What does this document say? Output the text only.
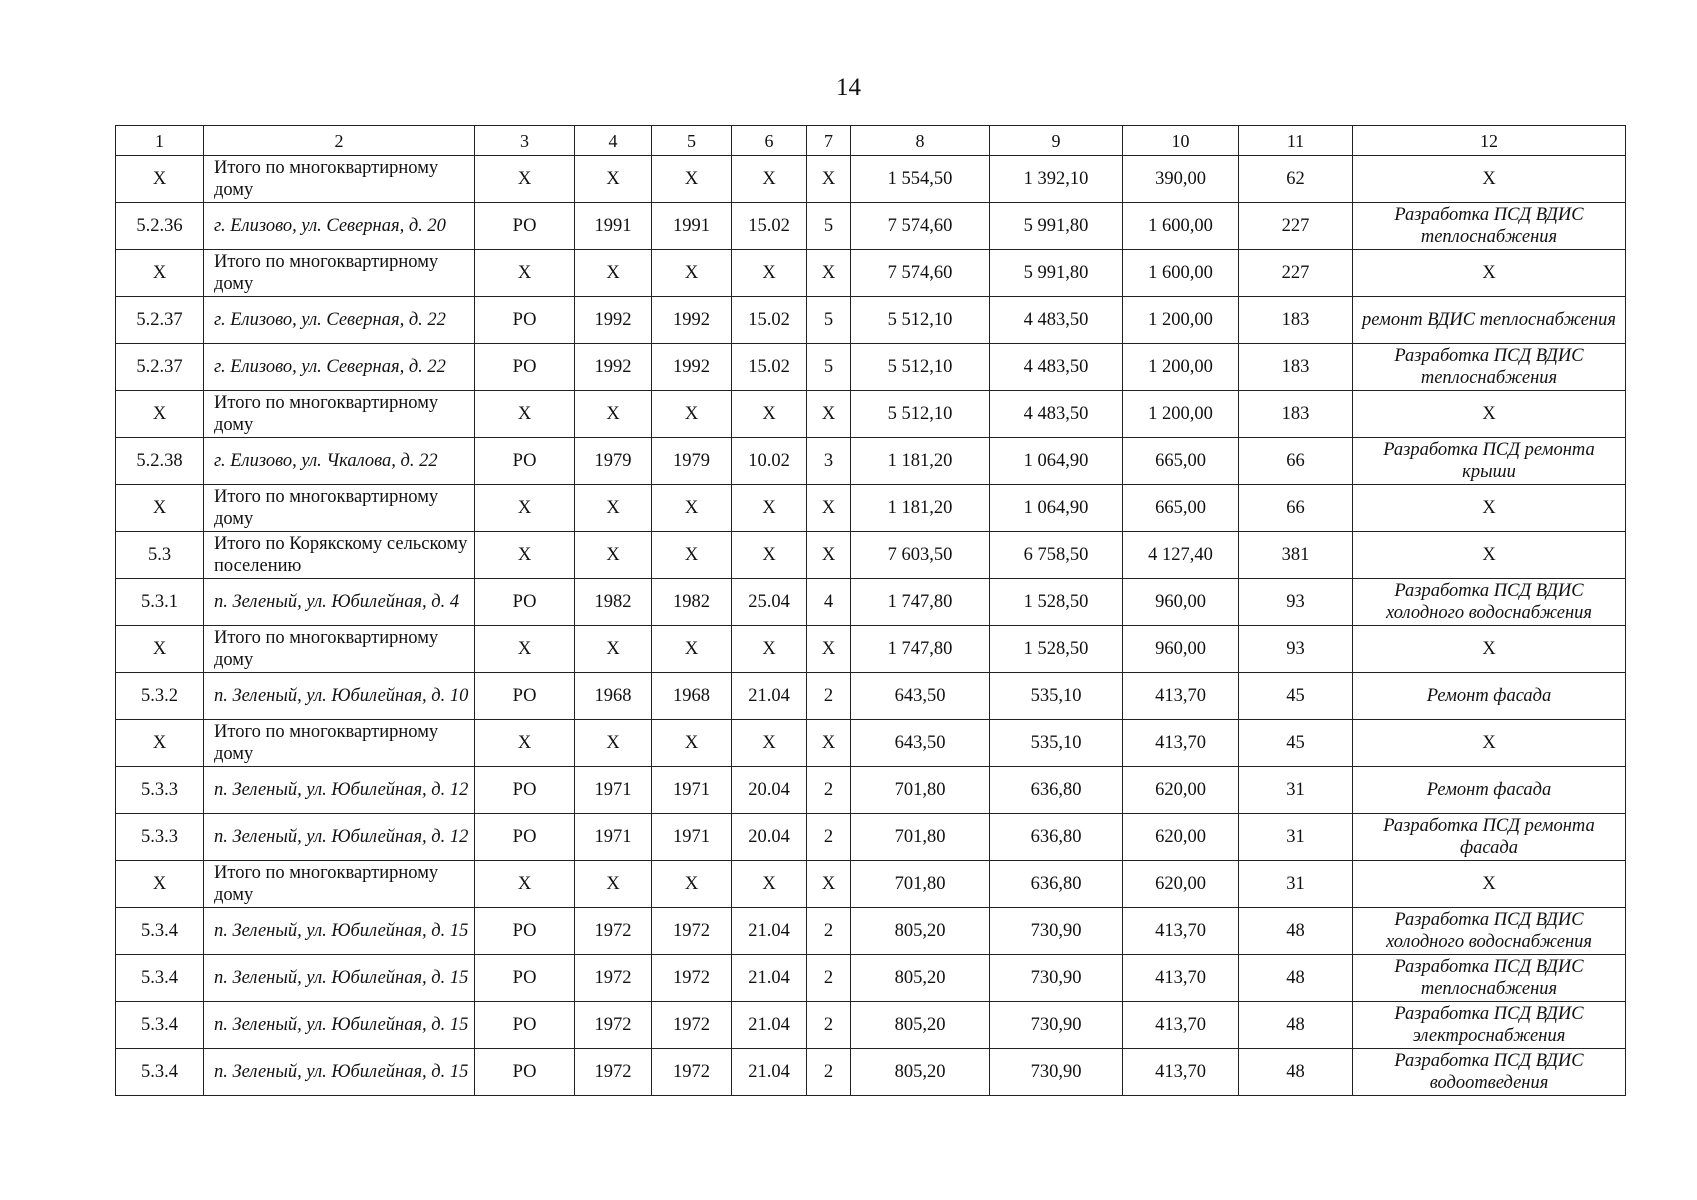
14
1	2	3	4	5	6	7	8	9	10	11	12
X	Итого по многоквартирному дому	X	X	X	X	X	1 554,50	1 392,10	390,00	62	X
5.2.36	г. Елизово, ул. Северная, д. 20	РО	1991	1991	15.02	5	7 574,60	5 991,80	1 600,00	227	Разработка ПСД ВДИС теплоснабжения
X	Итого по многоквартирному дому	X	X	X	X	X	7 574,60	5 991,80	1 600,00	227	X
5.2.37	г. Елизово, ул. Северная, д. 22	РО	1992	1992	15.02	5	5 512,10	4 483,50	1 200,00	183	ремонт ВДИС теплоснабжения
5.2.37	г. Елизово, ул. Северная, д. 22	РО	1992	1992	15.02	5	5 512,10	4 483,50	1 200,00	183	Разработка ПСД ВДИС теплоснабжения
X	Итого по многоквартирному дому	X	X	X	X	X	5 512,10	4 483,50	1 200,00	183	X
5.2.38	г. Елизово, ул. Чкалова, д. 22	РО	1979	1979	10.02	3	1 181,20	1 064,90	665,00	66	Разработка ПСД ремонта крыши
X	Итого по многоквартирному дому	X	X	X	X	X	1 181,20	1 064,90	665,00	66	X
5.3	Итого по Корякскому сельскому поселению	X	X	X	X	X	7 603,50	6 758,50	4 127,40	381	X
5.3.1	п. Зеленый, ул. Юбилейная, д. 4	РО	1982	1982	25.04	4	1 747,80	1 528,50	960,00	93	Разработка ПСД ВДИС холодного водоснабжения
X	Итого по многоквартирному дому	X	X	X	X	X	1 747,80	1 528,50	960,00	93	X
5.3.2	п. Зеленый, ул. Юбилейная, д. 10	РО	1968	1968	21.04	2	643,50	535,10	413,70	45	Ремонт фасада
X	Итого по многоквартирному дому	X	X	X	X	X	643,50	535,10	413,70	45	X
5.3.3	п. Зеленый, ул. Юбилейная, д. 12	РО	1971	1971	20.04	2	701,80	636,80	620,00	31	Ремонт фасада
5.3.3	п. Зеленый, ул. Юбилейная, д. 12	РО	1971	1971	20.04	2	701,80	636,80	620,00	31	Разработка ПСД ремонта фасада
X	Итого по многоквартирному дому	X	X	X	X	X	701,80	636,80	620,00	31	X
5.3.4	п. Зеленый, ул. Юбилейная, д. 15	РО	1972	1972	21.04	2	805,20	730,90	413,70	48	Разработка ПСД ВДИС холодного водоснабжения
5.3.4	п. Зеленый, ул. Юбилейная, д. 15	РО	1972	1972	21.04	2	805,20	730,90	413,70	48	Разработка ПСД ВДИС теплоснабжения
5.3.4	п. Зеленый, ул. Юбилейная, д. 15	РО	1972	1972	21.04	2	805,20	730,90	413,70	48	Разработка ПСД ВДИС электроснабжения
5.3.4	п. Зеленый, ул. Юбилейная, д. 15	РО	1972	1972	21.04	2	805,20	730,90	413,70	48	Разработка ПСД ВДИС водоотведения
